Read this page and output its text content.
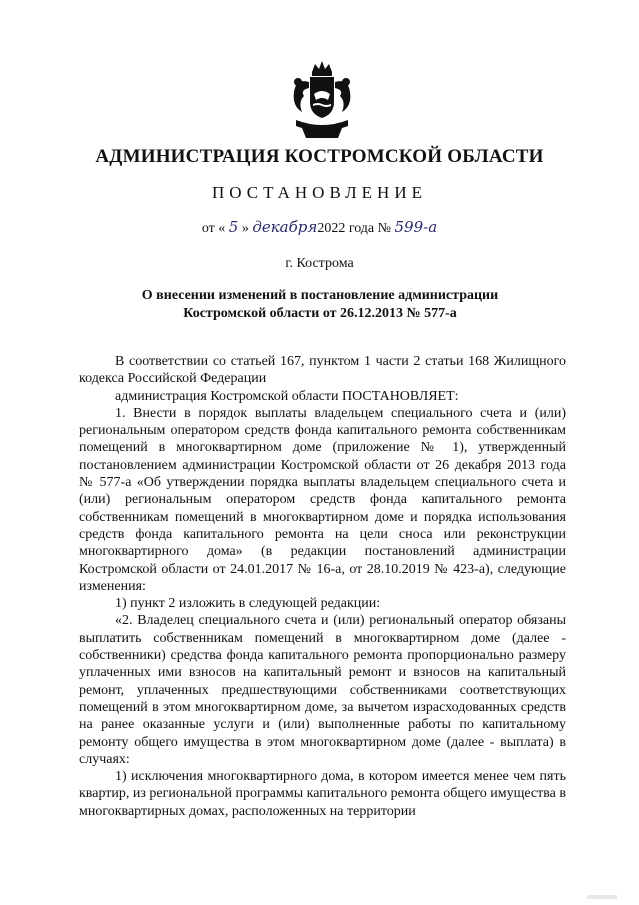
АДМИНИСТРАЦИЯ КОСТРОМСКОЙ ОБЛАСТИ
ПОСТАНОВЛЕНИЕ
от « 5 » декабря2022 года № 599-а
г. Кострома
О внесении изменений в постановление администрации
Костромской области от 26.12.2013 № 577-а

В соответствии со статьей 167, пунктом 1 части 2 статьи 168 Жилищного кодекса Российской Федерации

администрация Костромской области ПОСТАНОВЛЯЕТ:

1. Внести в порядок выплаты владельцем специального счета и (или) региональным оператором средств фонда капитального ремонта собственникам помещений в многоквартирном доме (приложение № 1), утвержденный постановлением администрации Костромской области от 26 декабря 2013 года № 577-а «Об утверждении порядка выплаты владельцем специального счета и (или) региональным оператором средств фонда капитального ремонта собственникам помещений в многоквартирном доме и порядка использования средств фонда капитального ремонта на цели сноса или реконструкции многоквартирного дома» (в редакции постановлений администрации Костромской области от 24.01.2017 № 16-а, от 28.10.2019 № 423-а), следующие изменения:

1) пункт 2 изложить в следующей редакции:

«2. Владелец специального счета и (или) региональный оператор обязаны выплатить собственникам помещений в многоквартирном доме (далее - собственники) средства фонда капитального ремонта пропорционально размеру уплаченных ими взносов на капитальный ремонт и взносов на капитальный ремонт, уплаченных предшествующими собственниками соответствующих помещений в этом многоквартирном доме, за вычетом израсходованных средств на ранее оказанные услуги и (или) выполненные работы по капитальному ремонту общего имущества в этом многоквартирном доме (далее - выплата) в случаях:

1) исключения многоквартирного дома, в котором имеется менее чем пять квартир, из региональной программы капитального ремонта общего имущества в многоквартирных домах, расположенных на территории
